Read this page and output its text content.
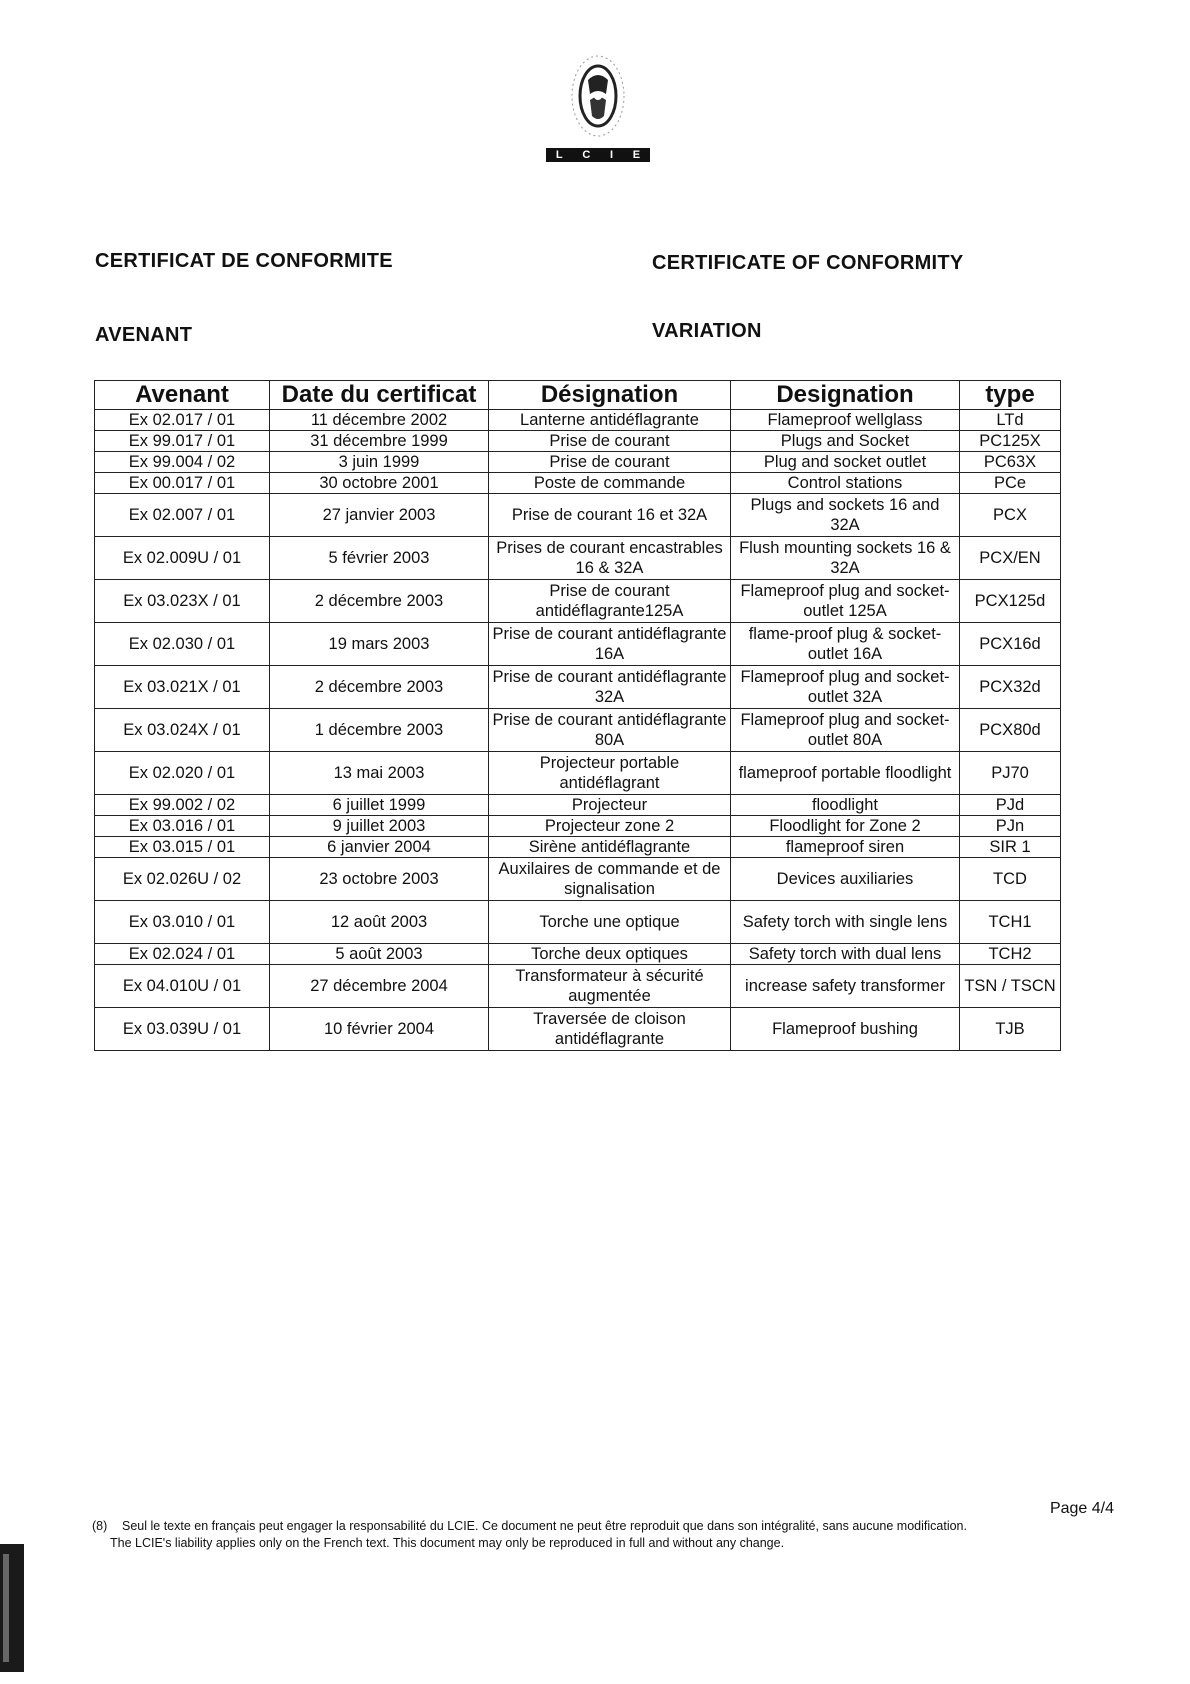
L C I E
CERTIFICAT DE CONFORMITE	CERTIFICATE OF CONFORMITY
AVENANT	VARIATION
Avenant	Date du certificat	Désignation	Designation	type
Ex 02.017 / 01	11 décembre 2002	Lanterne antidéflagrante	Flameproof wellglass	LTd
Ex 99.017 / 01	31 décembre 1999	Prise de courant	Plugs and Socket	PC125X
Ex 99.004 / 02	3 juin 1999	Prise de courant	Plug and socket outlet	PC63X
Ex 00.017 / 01	30 octobre 2001	Poste de commande	Control stations	PCe
Ex 02.007 / 01	27 janvier 2003	Prise de courant 16 et 32A	Plugs and sockets 16 and 32A	PCX
Ex 02.009U / 01	5 février 2003	Prises de courant encastrables 16 & 32A	Flush mounting sockets 16 & 32A	PCX/EN
Ex 03.023X / 01	2 décembre 2003	Prise de courant antidéflagrante125A	Flameproof plug and socket-outlet 125A	PCX125d
Ex 02.030 / 01	19 mars 2003	Prise de courant antidéflagrante 16A	flame-proof plug & socket-outlet 16A	PCX16d
Ex 03.021X / 01	2 décembre 2003	Prise de courant antidéflagrante 32A	Flameproof plug and socket-outlet 32A	PCX32d
Ex 03.024X / 01	1 décembre 2003	Prise de courant antidéflagrante 80A	Flameproof plug and socket-outlet 80A	PCX80d
Ex 02.020 / 01	13 mai 2003	Projecteur portable antidéflagrant	flameproof portable floodlight	PJ70
Ex 99.002 / 02	6 juillet 1999	Projecteur	floodlight	PJd
Ex 03.016 / 01	9 juillet 2003	Projecteur zone 2	Floodlight for Zone 2	PJn
Ex 03.015 / 01	6 janvier 2004	Sirène antidéflagrante	flameproof siren	SIR 1
Ex 02.026U / 02	23 octobre 2003	Auxilaires de commande et de signalisation	Devices auxiliaries	TCD
Ex 03.010 / 01	12 août 2003	Torche une optique	Safety torch with single lens	TCH1
Ex 02.024 / 01	5 août 2003	Torche deux optiques	Safety torch with dual lens	TCH2
Ex 04.010U / 01	27 décembre 2004	Transformateur à sécurité augmentée	increase safety transformer	TSN / TSCN
Ex 03.039U / 01	10 février 2004	Traversée de cloison antidéflagrante	Flameproof bushing	TJB
Page 4/4
(8) Seul le texte en français peut engager la responsabilité du LCIE. Ce document ne peut être reproduit que dans son intégralité, sans aucune modification.
The LCIE's liability applies only on the French text. This document may only be reproduced in full and without any change.
